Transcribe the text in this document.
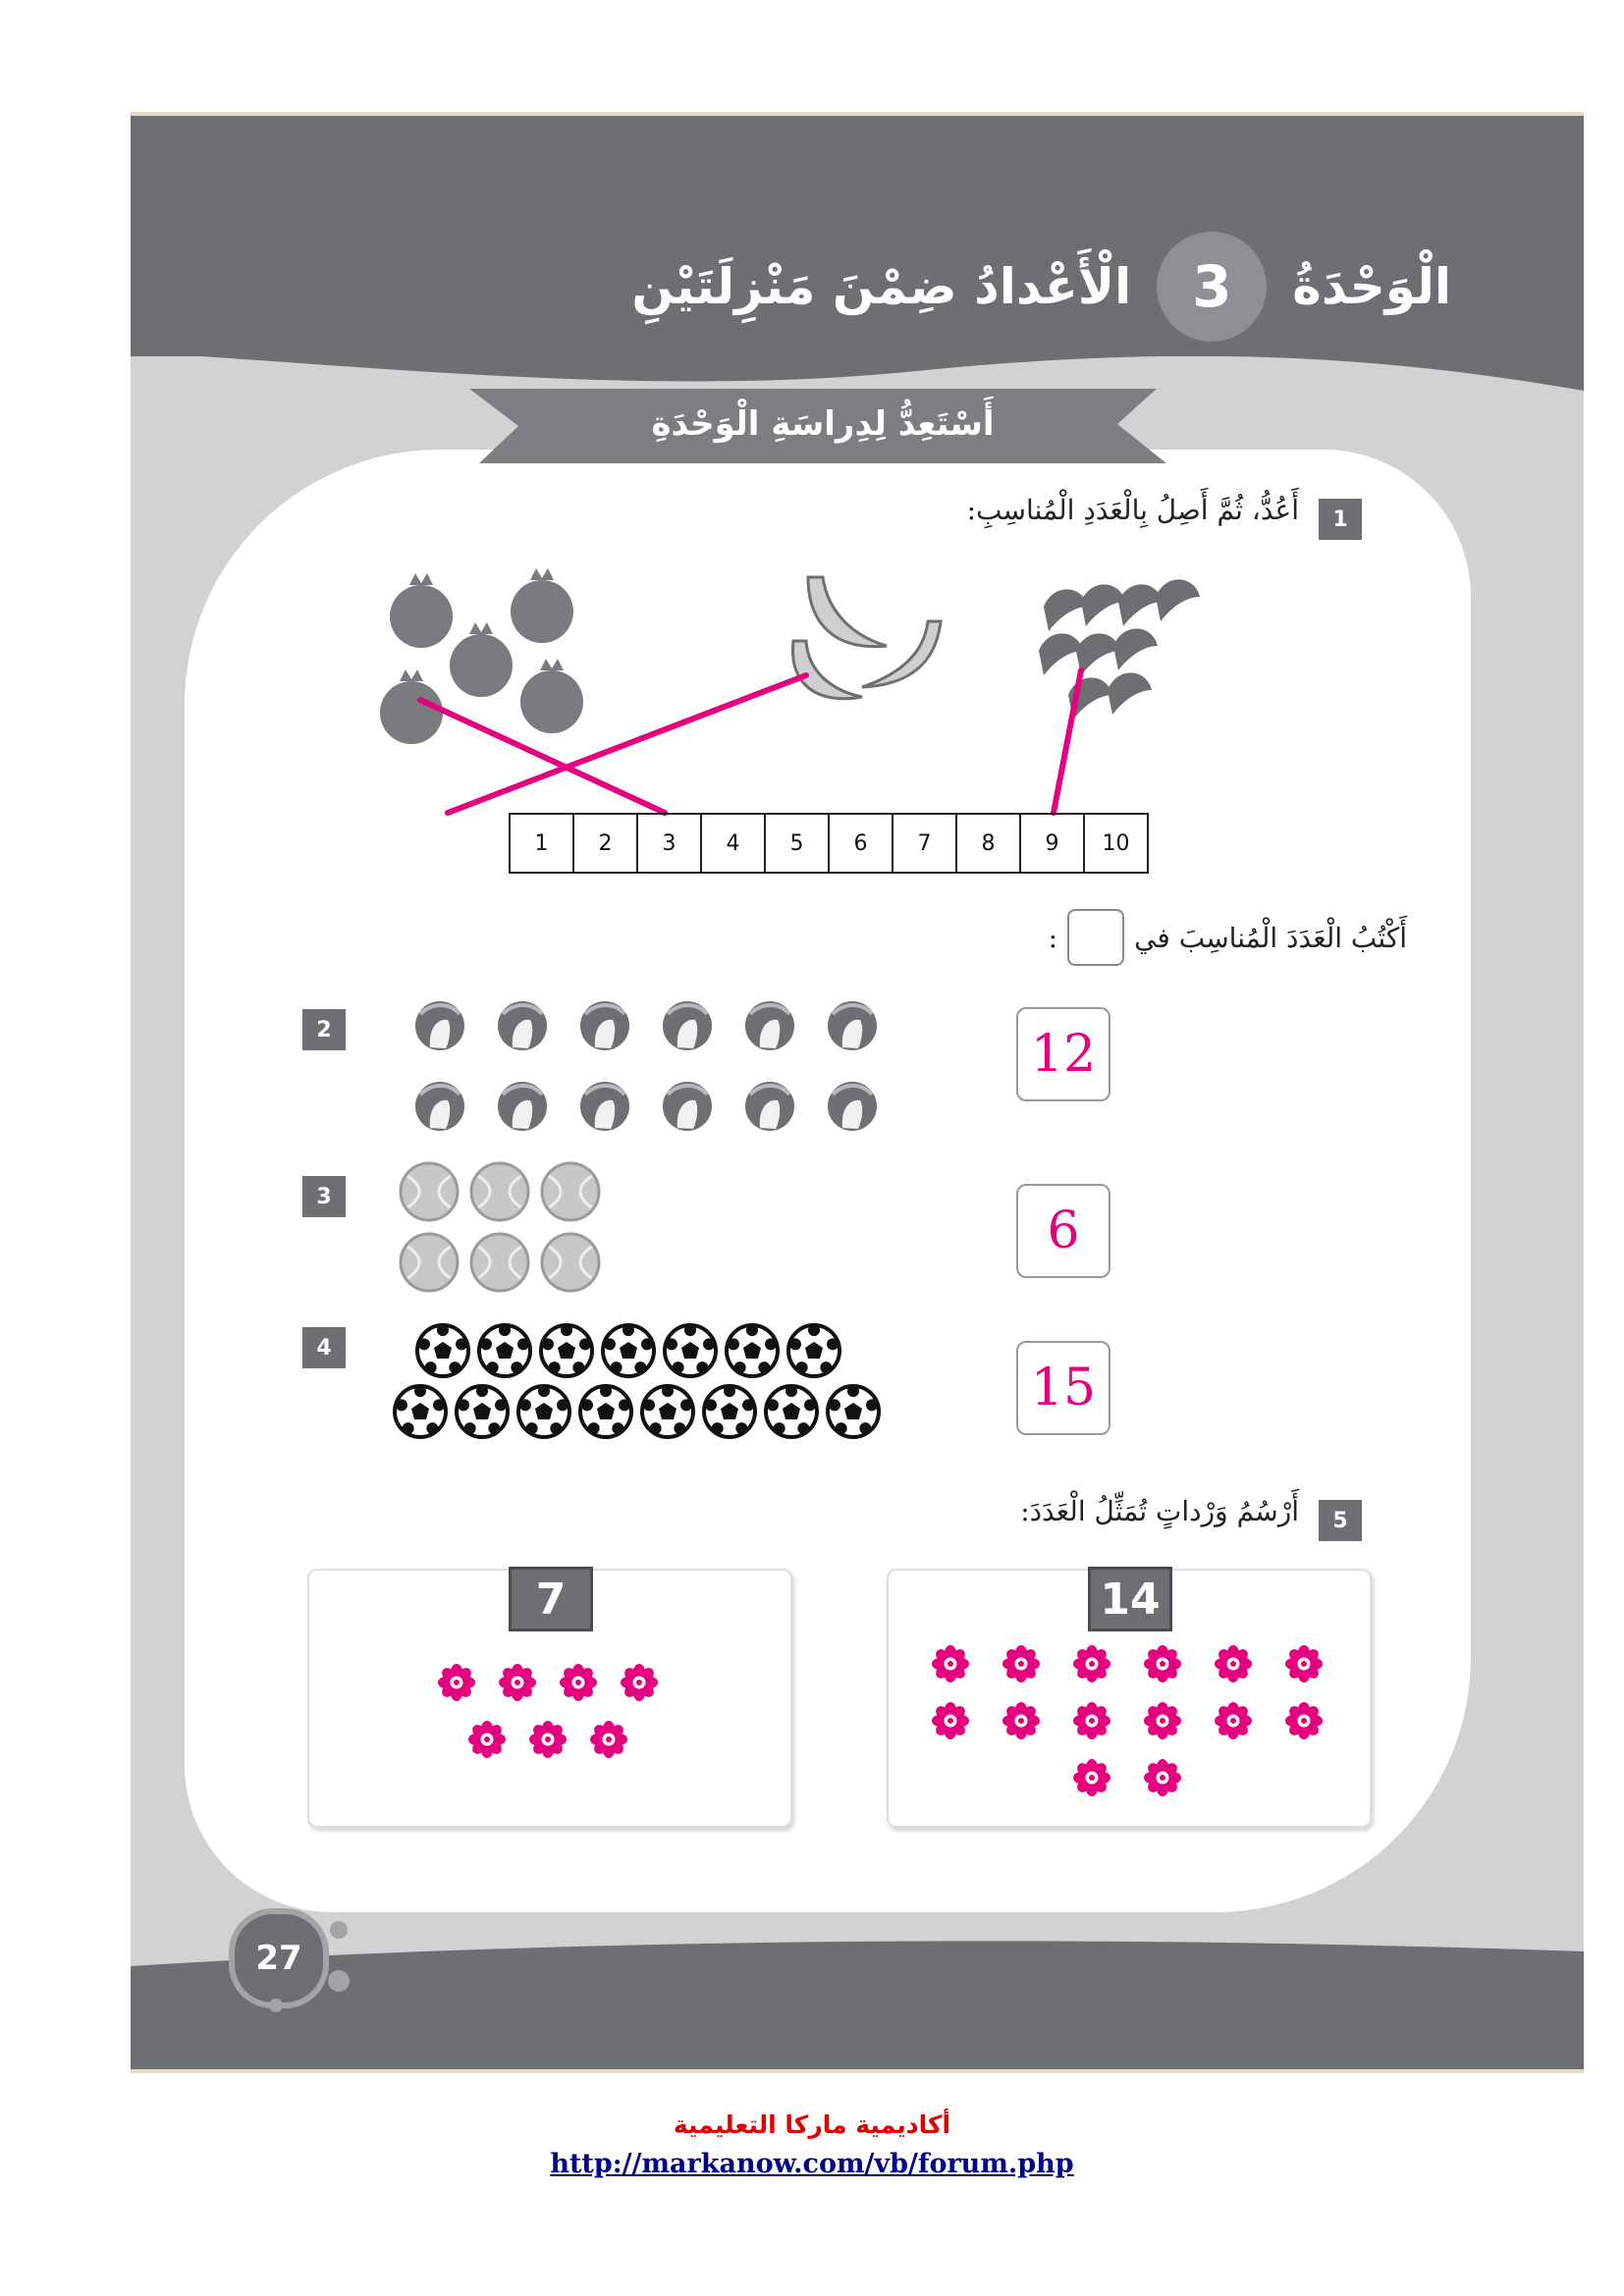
الْوَحْدَةُ
3
الْأَعْدادُ ضِمْنَ مَنْزِلَتَيْنِ
أَسْتَعِدُّ لِدِراسَةِ الْوَحْدَةِ
1
أَعُدُّ، ثُمَّ أَصِلُ بِالْعَدَدِ الْمُناسِبِ:
1	2	3	4	5	6	7	8	9	10
أَكْتُبُ الْعَدَدَ الْمُناسِبَ في
:
2	12
3
6
4
15
5
أَرْسُمُ وَرْداتٍ تُمَثِّلُ الْعَدَدَ:
14
7
27
أكاديمية ماركا التعليمية
http://markanow.com/vb/forum.php
